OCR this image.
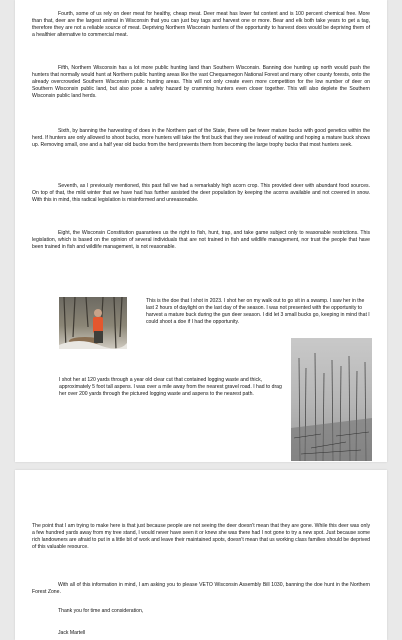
Fourth, some of us rely on deer meat for healthy, cheap meat. Deer meat has lower fat content and is 100 percent chemical free. More than that, deer are the largest animal in Wisconsin that you can just buy tags and harvest one or more. Bear and elk both take years to get a tag, therefore they are not a reliable source of meat. Depriving Northern Wisconsin hunters of the opportunity to harvest does would be depriving them of a healthier alternative to commercial meat.

Fifth, Northern Wisconsin has a lot more public hunting land than Southern Wisconsin. Banning doe hunting up north would push the hunters that normally would hunt at Northern public hunting areas like the vast Chequamegon National Forest and many other county forests, onto the already overcrowded Southern Wisconsin public hunting areas. This will not only create even more competition for the low number of deer on Southern Wisconsin public land, but also pose a safety hazard by cramming hunters even closer together. This will also deplete the Southern Wisconsin public land herds.

Sixth, by banning the harvesting of does in the Northern part of the State, there will be fewer mature bucks with good genetics within the herd. If hunters are only allowed to shoot bucks, more hunters will take the first buck that they see instead of waiting and hoping a mature buck shows up. Removing small, one and a half year old bucks from the herd prevents them from becoming the large trophy bucks that most hunters seek.

Seventh, as I previously mentioned, this past fall we had a remarkably high acorn crop. This provided deer with abundant food sources. On top of that, the mild winter that we have had has further assisted the deer population by keeping the acorns available and not covered in snow. With this in mind, this radical legislation is misinformed and unreasonable.

Eight, the Wisconsin Constitution guarantees us the right to fish, hunt, trap, and take game subject only to reasonable restrictions. This legislation, which is based on the opinion of several individuals that are not trained in fish and wildlife management, nor trust the people that have been trained in fish and wildlife management, is not reasonable.

This is the doe that I shot in 2023. I shot her on my walk out to go sit in a swamp. I saw her in the last 2 hours of daylight on the last day of the season. I was not presented with the opportunity to harvest a mature buck during the gun deer season. I did let 3 small bucks go, keeping in mind that I could shoot a doe if I had the opportunity.

I shot her at 120 yards through a year old clear cut that contained logging waste and thick, approximately 5 foot tall aspens. I was over a mile away from the nearest gravel road. I had to drag her over 200 yards through the pictured logging waste and aspens to the nearest path.

The point that I am trying to make here is that just because people are not seeing the deer doesn't mean that they are gone. While this deer was only a few hundred yards away from my tree stand, I would never have seen it or knew she was there had I not gone to try a new spot. Just because some rich landowners are afraid to put in a little bit of work and leave their maintained spots, doesn't mean that us working class families should be deprived of this valuable resource.

With all of this information in mind, I am asking you to please VETO Wisconsin Assembly Bill 1030, banning the doe hunt in the Northern Forest Zone.

Thank you for time and consideration,

Jack Martell
